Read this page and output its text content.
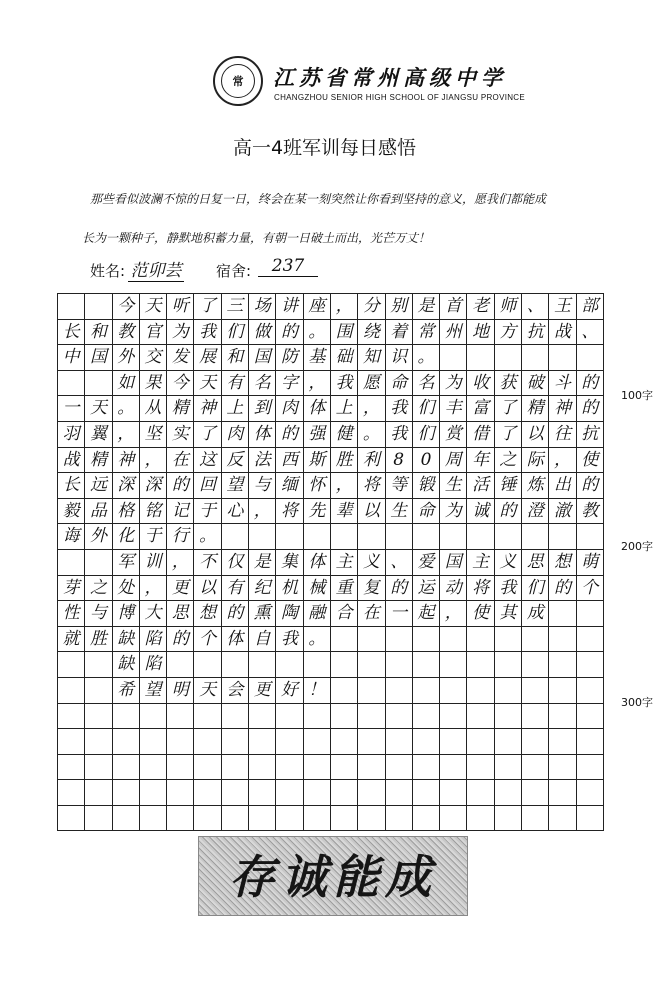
常	江苏省常州高级中学
CHANGZHOU SENIOR HIGH SCHOOL OF JIANGSU PROVINCE
高一4班军训每日感悟
那些看似波澜不惊的日复一日，终会在某一刻突然让你看到坚持的意义，愿我们都能成
长为一颗种子，静默地积蓄力量，有朝一日破土而出，光芒万丈！
姓名: 范卯芸 宿舍:	237
今 天 听 了 三 场 讲 座 ， 分 别 是 首 老 师 、 王 部
长 和 教 官 为 我 们 做 的 。 围 绕 着 常 州 地 方 抗 战 、
中 国 外 交 发 展 和 国 防 基 础 知 识 。
如 果 今 天 有 名 字 ， 我 愿 命 名 为 收 获 破 斗 的
一 天 。 从 精 神 上 到 肉 体 上 ， 我 们 丰 富 了 精 神 的
羽 翼 ， 坚 实 了 肉 体 的 强 健 。 我 们 赏 借 了 以 往 抗
战 精 神 ， 在 这 反 法 西 斯 胜 利 8 0 周 年 之 际 ， 使
长 远 深 深 的 回 望 与 缅 怀 ， 将 等 锻 生 活 锤 炼 出 的
毅 品 格 铭 记 于 心 ， 将 先 辈 以 生 命 为 诚 的 澄 澈 教
诲 外 化 于 行 。
军 训 ， 不 仅 是 集 体 主 义 、 爱 国 主 义 思 想 萌
芽 之 处 ， 更 以 有 纪 机 械 重 复 的 运 动 将 我 们 的 个
性 与 博 大 思 想 的 熏 陶 融 合 在 一 起 ， 使 其 成
就 胜 缺 陷 的 个 体 自 我 。
缺 陷
希 望 明 天 会 更 好 ！
100字
200字
300字
存诚能成
